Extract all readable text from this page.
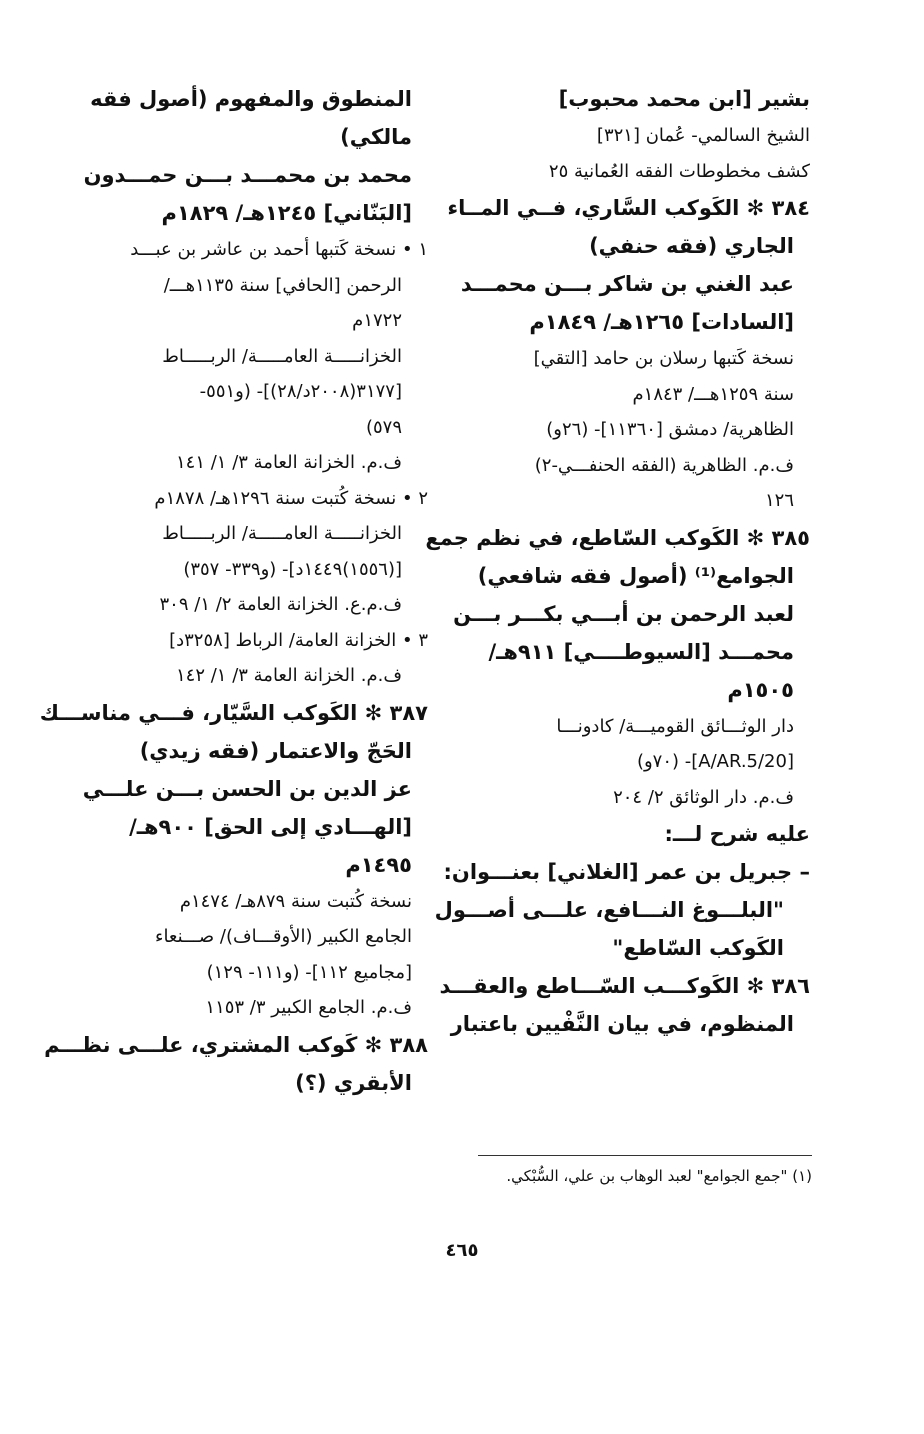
بشير [ابن محمد محبوب]
الشيخ السالمي- عُمان [٣٢١]
كشف مخطوطات الفقه العُمانية ٢٥
٣٨٤ ✻ الكَوكب السَّاري، فــي المــاء
الجاري (فقه حنفي)
عبد الغني بن شاكر بـــن محمـــد
[السادات] ١٢٦٥هـ/ ١٨٤٩م
نسخة كَتبها رسلان بن حامد [التقي]
سنة ١٢٥٩هـــ/ ١٨٤٣م
الظاهرية/ دمشق [١١٣٦٠]- (٢٦و)
ف.م. الظاهرية (الفقه الحنفـــي-٢)
١٢٦
٣٨٥ ✻ الكَوكب السّاطع، في نظم جمع
الجوامع⁽¹⁾ (أصول فقه شافعي)
لعبد الرحمن بن أبـــي بكـــر بـــن
محمـــد [السيوطــــي] ٩١١هـ/
١٥٠٥م
دار الوثـــائق القوميـــة/ كادونـــا
[A/AR.5/20]- (٧٠و)
ف.م. دار الوثائق ٢/ ٢٠٤
عليه شرح لـــ:
– جبريل بن عمر [الغلاني] بعنـــوان:
"البلـــوغ النـــافع، علـــى أصـــول
الكَوكب السّاطع"
٣٨٦ ✻ الكَوكـــب السّـــاطع والعقـــد
المنظوم، في بيان النَّفْيين باعتبار
المنطوق والمفهوم (أصول فقه
مالكي)
محمد بن محمـــد بـــن حمـــدون
[البَنّاني] ١٢٤٥هـ/ ١٨٢٩م
١ • نسخة كَتبها أحمد بن عاشر بن عبـــد
الرحمن [الحافي] سنة ١١٣٥هـــ/
١٧٢٢م
الخزانـــــة العامـــــة/ الربـــــاط
[٣١٧٧(٢٠٠٨د/٢٨)]- (و٥٥١-
٥٧٩)
ف.م. الخزانة العامة ٣/ ١/ ١٤١
٢ • نسخة كُتبت سنة ١٢٩٦هـ/ ١٨٧٨م
الخزانـــــة العامـــــة/ الربـــــاط
[(١٥٥٦)١٤٤٩د]- (و٣٣٩- ٣٥٧)
ف.م.ع. الخزانة العامة ٢/ ١/ ٣٠٩
٣ • الخزانة العامة/ الرباط [٣٢٥٨د]
ف.م. الخزانة العامة ٣/ ١/ ١٤٢
٣٨٧ ✻ الكَوكب السَّيّار، فـــي مناســـك
الحَجّ والاعتمار (فقه زيدي)
عز الدين بن الحسن بـــن علـــي
[الهـــادي إلى الحق] ٩٠٠هـ/
١٤٩٥م
نسخة كُتبت سنة ٨٧٩هـ/ ١٤٧٤م
الجامع الكبير (الأوقـــاف)/ صـــنعاء
[مجاميع ١١٢]- (و١١١- ١٢٩)
ف.م. الجامع الكبير ٣/ ١١٥٣
٣٨٨ ✻ كَوكب المشتري، علـــى نظـــم
الأبقري (؟)
(١) "جمع الجوامع" لعبد الوهاب بن علي، السُّبْكي.
٤٦٥
